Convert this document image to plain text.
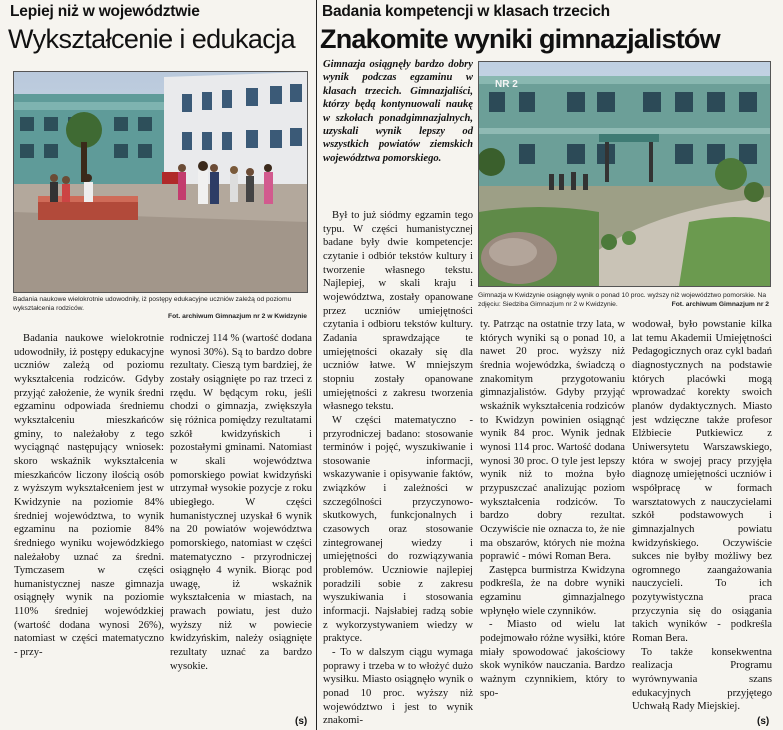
Lepiej niż w województwie
Wykształcenie i edukacja
Badania naukowe wielokrotnie udowodniły, iż postępy edukacyjne uczniów zależą od poziomu wykształcenia rodziców.
Fot. archiwum Gimnazjum nr 2 w Kwidzynie

Badania naukowe wielokrotnie udowodniły, iż postępy edukacyjne uczniów zależą od poziomu wykształcenia rodziców. Gdyby przyjąć założenie, że wynik średni egzaminu odpowiada średniemu wykształceniu mieszkańców gminy, to należałoby z tego wyciągnąć następujący wniosek: skoro wskaźnik wykształcenia mieszkańców liczony ilością osób z wyższym wykształceniem jest w Kwidzynie na poziomie 84% średniej województwa, to wynik egzaminu na poziomie 84% średniego wyniku wojewódzkiego należałoby uznać za średni. Tymczasem w części humanistycznej nasze gimnazja osiągnęły wynik na poziomie 110% średniej wojewódzkiej (wartość dodana wynosi 26%), natomiast w części matematyczno - przy-

rodniczej 114 % (wartość dodana wynosi 30%). Są to bardzo dobre rezultaty. Cieszą tym bardziej, że zostały osiągnięte po raz trzeci z rzędu. W będącym roku, jeśli chodzi o gimnazja, zwiększyła się różnica pomiędzy rezultatami szkół kwidzyńskich i pozostałymi gminami. Natomiast w skali województwa pomorskiego powiat kwidzyński utrzymał wysokie pozycje z roku ubiegłego. W części humanistycznej uzyskał 6 wynik na 20 powiatów województwa pomorskiego, natomiast w części matematyczno - przyrodniczej osiągnęło 4 wynik. Biorąc pod uwagę, iż wskaźnik wykształcenia w miastach, na prawach powiatu, jest dużo wyższy niż w powiecie kwidzyńskim, należy osiągnięte rezultaty uznać za bardzo wysokie.

(s)
Badania kompetencji w klasach trzecich
Znakomite wyniki gimnazjalistów

Gimnazja osiągnęły bardzo dobry wynik podczas egzaminu w klasach trzecich. Gimnazjaliści, którzy będą kontynuowali naukę w szkołach ponadgimnazjalnych, uzyskali wynik lepszy od wszystkich powiatów ziemskich województwa pomorskiego.

NR 2
Gimnazja w Kwidzynie osiągnęły wynik o ponad 10 proc. wyższy niż województwo pomorskie. Na zdjęciu: Siedziba Gimnazjum nr 2 w Kwidzynie.	Fot. archiwum Gimnazjum nr 2

Był to już siódmy egzamin tego typu. W części humanistycznej badane były dwie kompetencje: czytanie i odbiór tekstów kultury i tworzenie własnego tekstu. Najlepiej, w skali kraju i województwa, zostały opanowane przez uczniów umiejętności czytania i odbioru tekstów kultury. Zadania sprawdzające te umiejętności okazały się dla uczniów łatwe. W mniejszym stopniu zostały opanowane umiejętności z zakresu tworzenia własnego tekstu.

W części matematyczno - przyrodniczej badano: stosowanie terminów i pojęć, wyszukiwanie i stosowanie informacji, wskazywanie i opisywanie faktów, związków i zależności w szczególności przyczynowo-skutkowych, funkcjonalnych i czasowych oraz stosowanie zintegrowanej wiedzy i umiejętności do rozwiązywania problemów. Uczniowie najlepiej poradzili sobie z zakresu wyszukiwania i stosowania informacji. Najsłabiej radzą sobie z wykorzystywaniem wiedzy w praktyce.

- To w dalszym ciągu wymaga poprawy i trzeba w to włożyć dużo wysiłku. Miasto osiągnęło wynik o ponad 10 proc. wyższy niż województwo i jest to wynik znakomi-

ty. Patrząc na ostatnie trzy lata, w których wyniki są o ponad 10, a nawet 20 proc. wyższy niż średnia wojewódzka, świadczą o znakomitym przygotowaniu gimnazjalistów. Gdyby przyjąć wskaźnik wykształcenia rodziców to Kwidzyn powinien osiągnąć wynik 84 proc. Wynik jednak wynosi 114 proc. Wartość dodana wynosi 30 proc. O tyle jest lepszy wynik niż to można było przypuszczać analizując poziom wykształcenia rodziców. To bardzo dobry rezultat. Oczywiście nie oznacza to, że nie ma obszarów, których nie można poprawić - mówi Roman Bera.

Zastępca burmistrza Kwidzyna podkreśla, że na dobre wyniki egzaminu gimnazjalnego wpłynęło wiele czynników.

- Miasto od wielu lat podejmowało różne wysiłki, które miały spowodować jakościowy skok wyników nauczania. Bardzo ważnym czynnikiem, który to spo-

wodował, było powstanie kilka lat temu Akademii Umiejętności Pedagogicznych oraz cykl badań diagnostycznych na podstawie których placówki mogą wprowadzać korekty swoich planów dydaktycznych. Miasto jest wdzięczne także profesor Elżbiecie Putkiewicz z Uniwersytetu Warszawskiego, która w swojej pracy przyjęła diagnozę umiejętności uczniów i współpracę w formach warsztatowych z nauczycielami szkół podstawowych i gimnazjalnych powiatu kwidzyńskiego. Oczywiście sukces nie byłby możliwy bez ogromnego zaangażowania nauczycieli. To ich pozytywistyczna praca przyczynia się do osiągania takich wyników - podkreśla Roman Bera.

To także konsekwentna realizacja Programu wyrównywania szans edukacyjnych przyjętego Uchwałą Rady Miejskiej.

(s)
